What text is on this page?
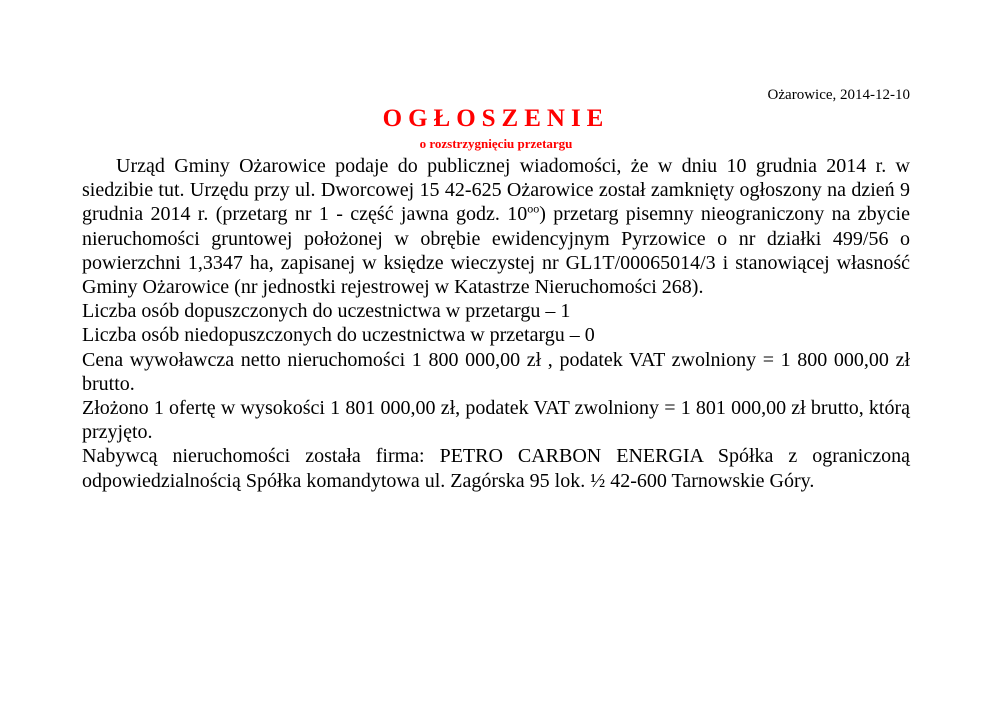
Ożarowice, 2014-12-10
OGŁOSZENIE
o rozstrzygnięciu przetargu

Urząd Gminy Ożarowice podaje do publicznej wiadomości, że w dniu 10 grudnia 2014 r. w siedzibie tut. Urzędu przy ul. Dworcowej 15 42-625 Ożarowice został zamknięty ogłoszony na dzień 9 grudnia 2014 r. (przetarg nr 1 - część jawna godz. $10^{oo}$) przetarg pisemny nieograniczony na zbycie nieruchomości gruntowej położonej w obrębie ewidencyjnym Pyrzowice o nr działki 499/56 o powierzchni 1,3347 ha, zapisanej w księdze wieczystej nr GL1T/00065014/3 i stanowiącej własność Gminy Ożarowice (nr jednostki rejestrowej w Katastrze Nieruchomości 268).

Liczba osób dopuszczonych do uczestnictwa w przetargu – 1

Liczba osób niedopuszczonych do uczestnictwa w przetargu – 0

Cena wywoławcza netto nieruchomości 1 800 000,00 zł , podatek VAT zwolniony = 1 800 000,00 zł brutto.

Złożono 1 ofertę w wysokości 1 801 000,00 zł, podatek VAT zwolniony = 1 801 000,00 zł brutto, którą przyjęto.

Nabywcą nieruchomości została firma: PETRO CARBON ENERGIA Spółka z ograniczoną odpowiedzialnością Spółka komandytowa ul. Zagórska 95 lok. ½ 42-600 Tarnowskie Góry.
